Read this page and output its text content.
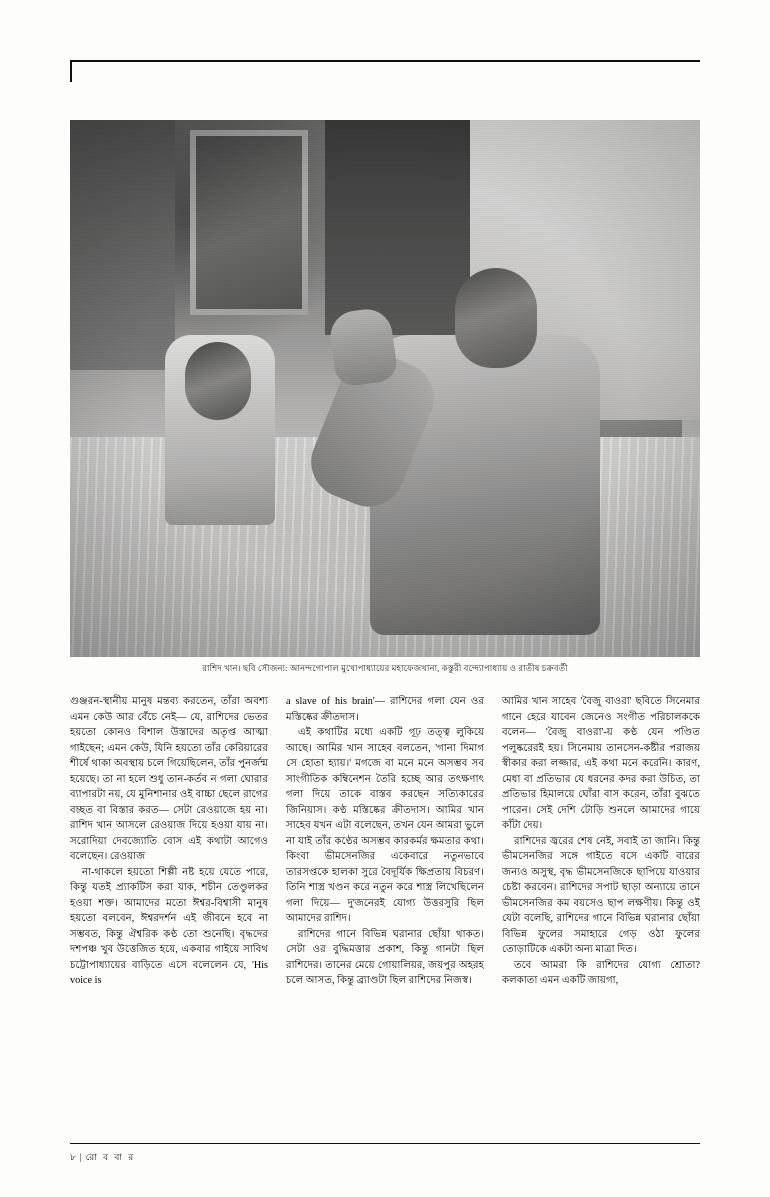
রাশিদ খান। ছবি সৌজন্য: আনন্দগোপাল মুখোপাধ্যায়ের মহাফেজখানা, কস্তুরী বন্দ্যোপাধ্যায় ও রাতীষ চক্রবর্তী

গুঞ্জরন-স্থানীয় মানুষ মন্তব্য করতেন, তাঁরা অবশ্য এমন কেউ আর বেঁচে নেই— যে, রাশিদের ভেতর হয়তো কোনও বিশাল উস্তাদের অতৃপ্ত আত্মা গাইছেন; এমন কেউ, যিনি হয়তো তাঁর কেরিয়ারের শীর্ষে থাকা অবস্থায় চলে গিয়েছিলেন, তাঁর পুনর্জন্ম হয়েছে। তা না হলে শুধু তান-কর্তব ন গলা ঘোরার ব্যাপারটা নয়, যে মুনিশানার ওই বাচ্চা ছেলে রাগের বচ্ছত বা বিস্তার করত— সেটা রেওয়াজে হয় না। রাশিদ খান আসলে রেওয়াজ দিয়ে হওয়া যায় না। সরোদিয়া দেবজ্যোতি বোস এই কথাটা আগেও বলেছেন। রেওয়াজ

না-থাকলে হয়তো শিল্পী নষ্ট হয়ে যেতে পারে, কিন্তু যতই প্র্যাকটিস করা যাক, শচীন তেণ্ডুলকর হওয়া শক্ত। আমাদের মতো ঈশ্বর-বিশ্বাসী মানুষ হয়তো বলবেন, ঈশ্বরদর্শন এই জীবনে হবে না সম্ভবত, কিন্তু ঐশ্বরিক কণ্ঠ তো শুনেছি। বৃদ্ধদের দশপঞ্চ খুব উত্তেজিত হয়ে, একবার গাইয়ে সাবিথ চট্টোপাধ্যায়ের বাড়িতে এসে বলেলেন যে, 'His voice is

a slave of his brain'— রাশিদের গলা যেন ওর মস্তিষ্কের ক্রীতদাস।

এই কথাটির মধ্যে একটি গূঢ় তত্ত্ব লুকিয়ে আছে। আমির খান সাহেব বলতেন, 'গানা দিমাগ সে হোতা হ্যায়।' মগজে বা মনে মনে অসম্ভব সব সাংগীতিক কম্বিনেশন তৈরি হচ্ছে আর তৎক্ষণাৎ গলা দিয়ে তাকে বাস্তব করছেন সত্যিকারের জিনিয়াস। কণ্ঠ মস্তিষ্কের ক্রীতদাস। আমির খান সাহেব যখন এটা বলেছেন, তখন যেন আমরা ভুলে না যাই তাঁর কণ্ঠের অসম্ভব কারকর্মর ক্ষমতার কথা। কিংবা ভীমসেনজির একেবারে নতুনভাবে তারসপ্তকে হালকা সুরে বৈদূর্যিক ক্ষিপ্রতায় বিচরণ। তিনি শাস্ত্র খণ্ডন করে নতুন করে শাস্ত্র লিখেছিলেন গলা দিয়ে— দু'জনেরই যোগ্য উত্তরসুরি ছিল আমাদের রাশিদ।

রাশিদের গানে বিভিন্ন ঘরানার ছোঁয়া থাকত। সেটা ওর বুদ্ধিমত্তার প্রকাশ, কিন্তু গানটা ছিল রাশিদের। তানের মেয়ে গোয়ালিয়র, জয়পুর অহরহ চলে আসত, কিন্তু ব্র্যাণ্ডটা ছিল রাশিদের নিজস্ব।

আমির খান সাহেব 'বৈজু বাওরা' ছবিতে সিনেমার গানে হেরে যাবেন জেনেও সংগীত পরিচালককে বলেন— 'বৈজু বাওরা'-য় কণ্ঠ যেন পণ্ডিত পলুষ্করেরই হয়। সিনেমায় তানসেন-কষ্টীর পরাজয় স্বীকার করা লজ্জার, এই কথা মনে করেনি। কারণ, মেধা বা প্রতিভার যে ধরনের কদর করা উচিত, তা প্রতিভার হিমালয়ে ঘোঁরা বাস করেন, তাঁরা বুঝতে পারেন। সেই দেশি টোড়ি শুনলে আমাদের গায়ে কাঁটা দেয়।

রাশিদের জ্বরের শেষ নেই, সবাই তা জানি। কিন্তু ভীমসেনজির সঙ্গে গাইতে বসে একটি বারের জন্যও অসুস্থ, বৃদ্ধ ভীমসেনজিকে ছাপিয়ে যাওয়ার চেষ্টা করবেন। রাশিদের সপাট ছাড়া অন্যায়ে তানে ভীমসেনজির কম বয়সেও ছাপ লক্ষণীয়। কিন্তু ওই যেটা বলেছি, রাশিদের গানে বিভিন্ন ঘরানার ছোঁয়া বিভিন্ন ফুলের সমাহারে গেড় ওঠা ফুলের তোড়াটিকে একটা অন্য মাত্রা দিত।

তবে আমরা কি রাশিদের যোগ্য শ্রোতা? কলকাতা এমন একটি জায়গা,

৮ | রো ব বা র
